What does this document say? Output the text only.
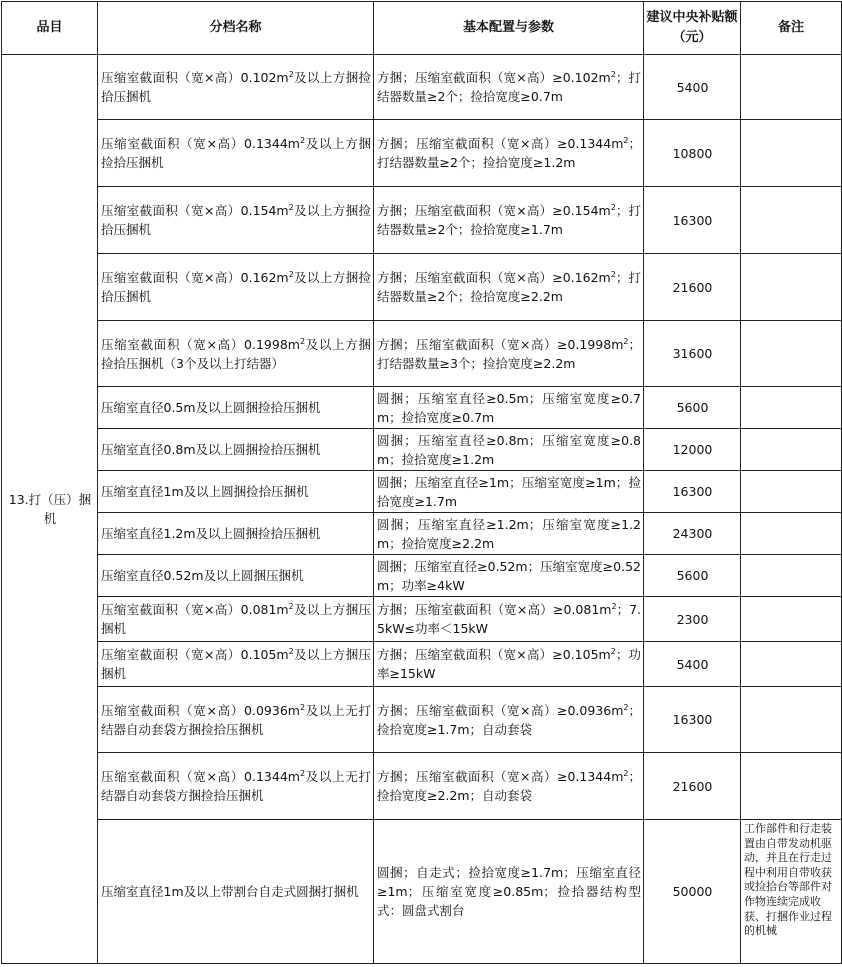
品目	分档名称	基本配置与参数	建议中央补贴额（元）	备注
13.打（压）捆机	压缩室截面积（宽×高）$0.102m^2$及以上方捆捡拾压捆机	方捆；压缩室截面积（宽×高）$\ge 0.102m^2$；打结器数量≥2个；捡拾宽度≥0.7m	5400	
	压缩室截面积（宽×高）$0.1344m^2$及以上方捆捡拾压捆机	方捆；压缩室截面积（宽×高）$\ge 0.1344m^2$；打结器数量≥2个；捡拾宽度≥1.2m	10800	
	压缩室截面积（宽×高）$0.154m^2$及以上方捆捡拾压捆机	方捆；压缩室截面积（宽×高）$\ge 0.154m^2$；打结器数量≥2个；捡拾宽度≥1.7m	16300	
	压缩室截面积（宽×高）$0.162m^2$及以上方捆捡拾压捆机	方捆；压缩室截面积（宽×高）$\ge 0.162m^2$；打结器数量≥2个；捡拾宽度≥2.2m	21600	
	压缩室截面积（宽×高）$0.1998m^2$及以上方捆捡拾压捆机（3个及以上打结器）	方捆；压缩室截面积（宽×高）$\ge 0.1998m^2$；打结器数量≥3个；捡拾宽度≥2.2m	31600	
	压缩室直径0.5m及以上圆捆捡拾压捆机	圆捆；压缩室直径≥0.5m；压缩室宽度≥0.7m；捡拾宽度≥0.7m	5600	
	压缩室直径0.8m及以上圆捆捡拾压捆机	圆捆；压缩室直径≥0.8m；压缩室宽度≥0.8m；捡拾宽度≥1.2m	12000	
	压缩室直径1m及以上圆捆捡拾压捆机	圆捆；压缩室直径≥1m；压缩室宽度≥1m；捡拾宽度≥1.7m	16300	
	压缩室直径1.2m及以上圆捆捡拾压捆机	圆捆；压缩室直径≥1.2m；压缩室宽度≥1.2m；捡拾宽度≥2.2m	24300	
	压缩室直径0.52m及以上圆捆压捆机	圆捆；压缩室直径≥0.52m；压缩室宽度≥0.52m；功率≥4kW	5600	
	压缩室截面积（宽×高）$0.081m^2$及以上方捆压捆机	方捆；压缩室截面积（宽×高）$\ge 0.081m^2$；7.5kW≤功率＜15kW	2300	
	压缩室截面积（宽×高）$0.105m^2$及以上方捆压捆机	方捆；压缩室截面积（宽×高）$\ge 0.105m^2$；功率≥15kW	5400	
	压缩室截面积（宽×高）$0.0936m^2$及以上无打结器自动套袋方捆捡拾压捆机	方捆；压缩室截面积（宽×高）$\ge 0.0936m^2$；捡拾宽度≥1.7m；自动套袋	16300	
	压缩室截面积（宽×高）$0.1344m^2$及以上无打结器自动套袋方捆捡拾压捆机	方捆；压缩室截面积（宽×高）$\ge 0.1344m^2$；捡拾宽度≥2.2m；自动套袋	21600	
	压缩室直径1m及以上带割台自走式圆捆打捆机	圆捆；自走式；捡拾宽度≥1.7m；压缩室直径≥1m；压缩室宽度≥0.85m；捡拾器结构型式：圆盘式割台	50000	工作部件和行走装置由自带发动机驱动，并且在行走过程中利用自带收获或捡拾台等部件对作物连续完成收获、打捆作业过程的机械
